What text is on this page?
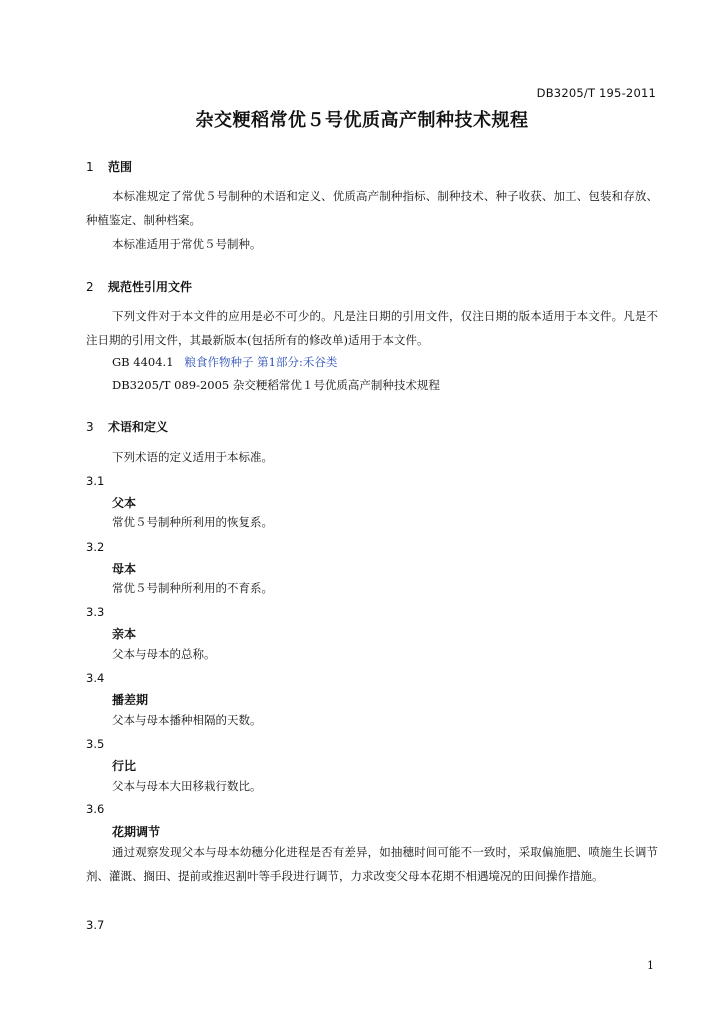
DB3205/T 195-2011
杂交粳稻常优５号优质高产制种技术规程
1 范围
本标准规定了常优５号制种的术语和定义、优质高产制种指标、制种技术、种子收获、加工、包装和存放、种植鉴定、制种档案。
本标准适用于常优５号制种。
2 规范性引用文件
下列文件对于本文件的应用是必不可少的。凡是注日期的引用文件，仅注日期的版本适用于本文件。凡是不注日期的引用文件，其最新版本(包括所有的修改单)适用于本文件。
GB 4404.1 粮食作物种子 第1部分:禾谷类
DB3205/T 089-2005 杂交粳稻常优１号优质高产制种技术规程
3 术语和定义
下列术语的定义适用于本标准。
3.1
父本
常优５号制种所利用的恢复系。
3.2
母本
常优５号制种所利用的不育系。
3.3
亲本
父本与母本的总称。
3.4
播差期
父本与母本播种相隔的天数。
3.5
行比
父本与母本大田移栽行数比。
3.6
花期调节
通过观察发现父本与母本幼穗分化进程是否有差异，如抽穗时间可能不一致时，采取偏施肥、喷施生长调节剂、灌溉、搁田、提前或推迟割叶等手段进行调节，力求改变父母本花期不相遇境况的田间操作措施。
3.7
1
